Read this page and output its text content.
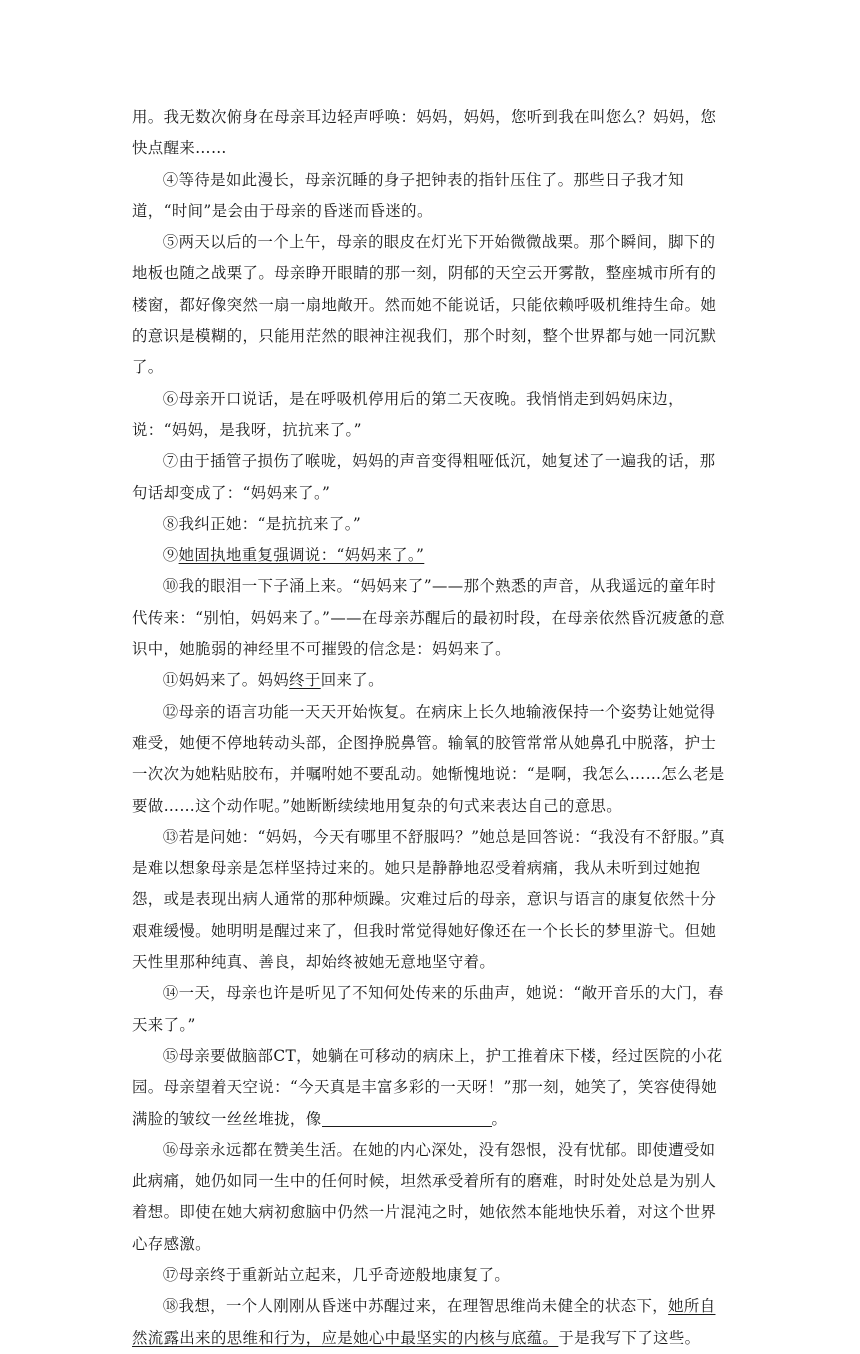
用。我无数次俯身在母亲耳边轻声呼唤：妈妈，妈妈，您听到我在叫您么？妈妈，您快点醒来……

④等待是如此漫长，母亲沉睡的身子把钟表的指针压住了。那些日子我才知道，“时间”是会由于母亲的昏迷而昏迷的。

⑤两天以后的一个上午，母亲的眼皮在灯光下开始微微战栗。那个瞬间，脚下的地板也随之战栗了。母亲睁开眼睛的那一刻，阴郁的天空云开雾散，整座城市所有的楼窗，都好像突然一扇一扇地敞开。然而她不能说话，只能依赖呼吸机维持生命。她的意识是模糊的，只能用茫然的眼神注视我们，那个时刻，整个世界都与她一同沉默了。

⑥母亲开口说话，是在呼吸机停用后的第二天夜晚。我悄悄走到妈妈床边，说：“妈妈，是我呀，抗抗来了。”

⑦由于插管子损伤了喉咙，妈妈的声音变得粗哑低沉，她复述了一遍我的话，那句话却变成了：“妈妈来了。”

⑧我纠正她：“是抗抗来了。”

⑨她固执地重复强调说：“妈妈来了。”

⑩我的眼泪一下子涌上来。“妈妈来了”——那个熟悉的声音，从我遥远的童年时代传来：“别怕，妈妈来了。”——在母亲苏醒后的最初时段，在母亲依然昏沉疲惫的意识中，她脆弱的神经里不可摧毁的信念是：妈妈来了。

⑪妈妈来了。妈妈终于回来了。

⑫母亲的语言功能一天天开始恢复。在病床上长久地输液保持一个姿势让她觉得难受，她便不停地转动头部，企图挣脱鼻管。输氧的胶管常常从她鼻孔中脱落，护士一次次为她粘贴胶布，并嘱咐她不要乱动。她惭愧地说：“是啊，我怎么……怎么老是要做……这个动作呢。”她断断续续地用复杂的句式来表达自己的意思。

⑬若是问她：“妈妈，今天有哪里不舒服吗？”她总是回答说：“我没有不舒服。”真是难以想象母亲是怎样坚持过来的。她只是静静地忍受着病痛，我从未听到过她抱怨，或是表现出病人通常的那种烦躁。灾难过后的母亲，意识与语言的康复依然十分艰难缓慢。她明明是醒过来了，但我时常觉得她好像还在一个长长的梦里游弋。但她天性里那种纯真、善良，却始终被她无意地坚守着。

⑭一天，母亲也许是听见了不知何处传来的乐曲声，她说：“敞开音乐的大门，春天来了。”

⑮母亲要做脑部CT，她躺在可移动的病床上，护工推着床下楼，经过医院的小花园。母亲望着天空说：“今天真是丰富多彩的一天呀！”那一刻，她笑了，笑容使得她满脸的皱纹一丝丝堆拢，像	。

⑯母亲永远都在赞美生活。在她的内心深处，没有怨恨，没有忧郁。即使遭受如此病痛，她仍如同一生中的任何时候，坦然承受着所有的磨难，时时处处总是为别人着想。即使在她大病初愈脑中仍然一片混沌之时，她依然本能地快乐着，对这个世界心存感激。

⑰母亲终于重新站立起来，几乎奇迹般地康复了。

⑱我想，一个人刚刚从昏迷中苏醒过来，在理智思维尚未健全的状态下，她所自然流露出来的思维和行为，应是她心中最坚实的内核与底蕴。于是我写下了这些。
